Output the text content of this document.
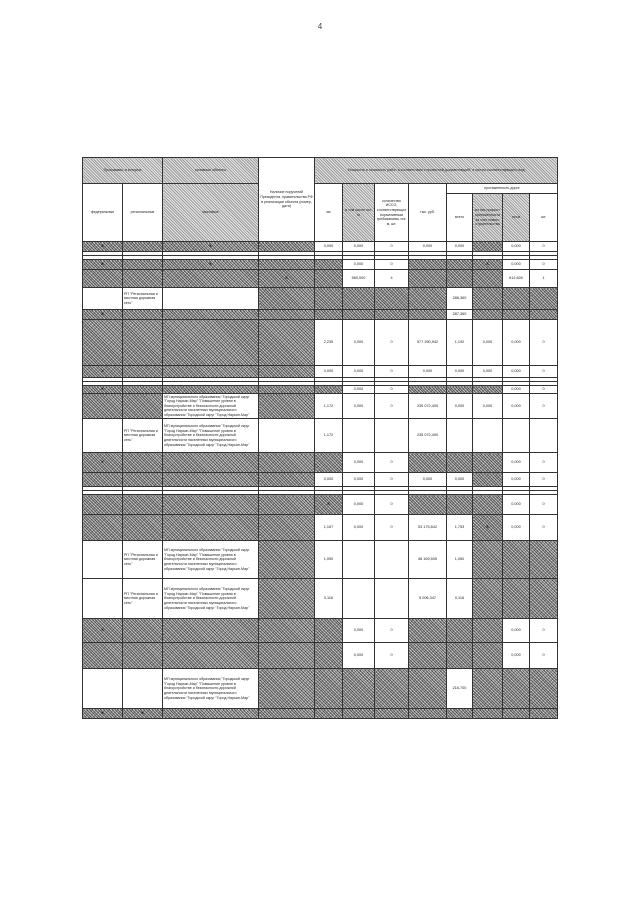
4
Программы, в которых		основные объекты	Наличие поручений Президента, правительства РФ в реализации объекта (номер, дата)	Мощность и стоимость работ в соответствии с проектной документацией, в целом соответствующего вид							
федеральные	региональные	мостовые		км	в том числе пог. м	количество ИССО, соответствующих нормативным требованиям, пог. м, шт.	тыс. руб.	протяженность дорог			
								всего	из них прирост протяженности за счет нового строительства	пог.м	шт.
X		X		0,000	0,000	0	0,000	0,000		0,000	0

X		X			0,000	0			X	0,000	0
			X		560,000	4				612,600	1
	РП "Региональная и местная дорожная сеть"							286,360			
X								287,360			
				2,235	0,000	0	577 390,942	1,192	0,000	0,000	0
X				0,000	0,000	0	0,000	0,000	0,000	0,000	0

X					0,000	0				0,000	0
		МП муниципального образования "Городской округ "Город Нарьян-Мар" "Повышение уровня в благоустройстве и безопасности дорожной деятельности населенных муниципального образования "Городской округ "Город Нарьян-Мар"		1,172	0,000	0	235 072,400	0,000	0,000	0,000	0
	РП "Региональная и местная дорожная сеть"	МП муниципального образования "Городской округ "Город Нарьян-Мар" "Повышение уровня в благоустройстве и безопасности дорожной деятельности населенных муниципального образования "Городской округ "Город Нарьян-Мар"		1,172			235 072,400				
X					0,000	0				0,000	0
				0,000	0,000	0	0,000	0,000		0,000	0

				X	0,000	0				0,000	0
				1,167	0,000	0	53 175,842	1,753	X	0,000	0
	РП "Региональная и местная дорожная сеть"	МП муниципального образования "Городской округ "Город Нарьян-Мар" "Повышение уровня в благоустройстве и безопасности дорожной деятельности населенных муниципального образования "Городской округ "Город Нарьян-Мар"		1,050			48 169,505	1,050			
	РП "Региональная и местная дорожная сеть"	МП муниципального образования "Городской округ "Город Нарьян-Мар" "Повышение уровня в благоустройстве и безопасности дорожной деятельности населенных муниципального образования "Городской округ "Город Нарьян-Мар"		0,116			5 006,347	0,116			
X					0,000	0				0,000	0
					0,000	0				0,000	0
		МП муниципального образования "Городской округ "Город Нарьян-Мар" "Повышение уровня в благоустройстве и безопасности дорожной деятельности населенных муниципального образования "Городской округ "Город Нарьян-Мар"						216,700			
X	X										
